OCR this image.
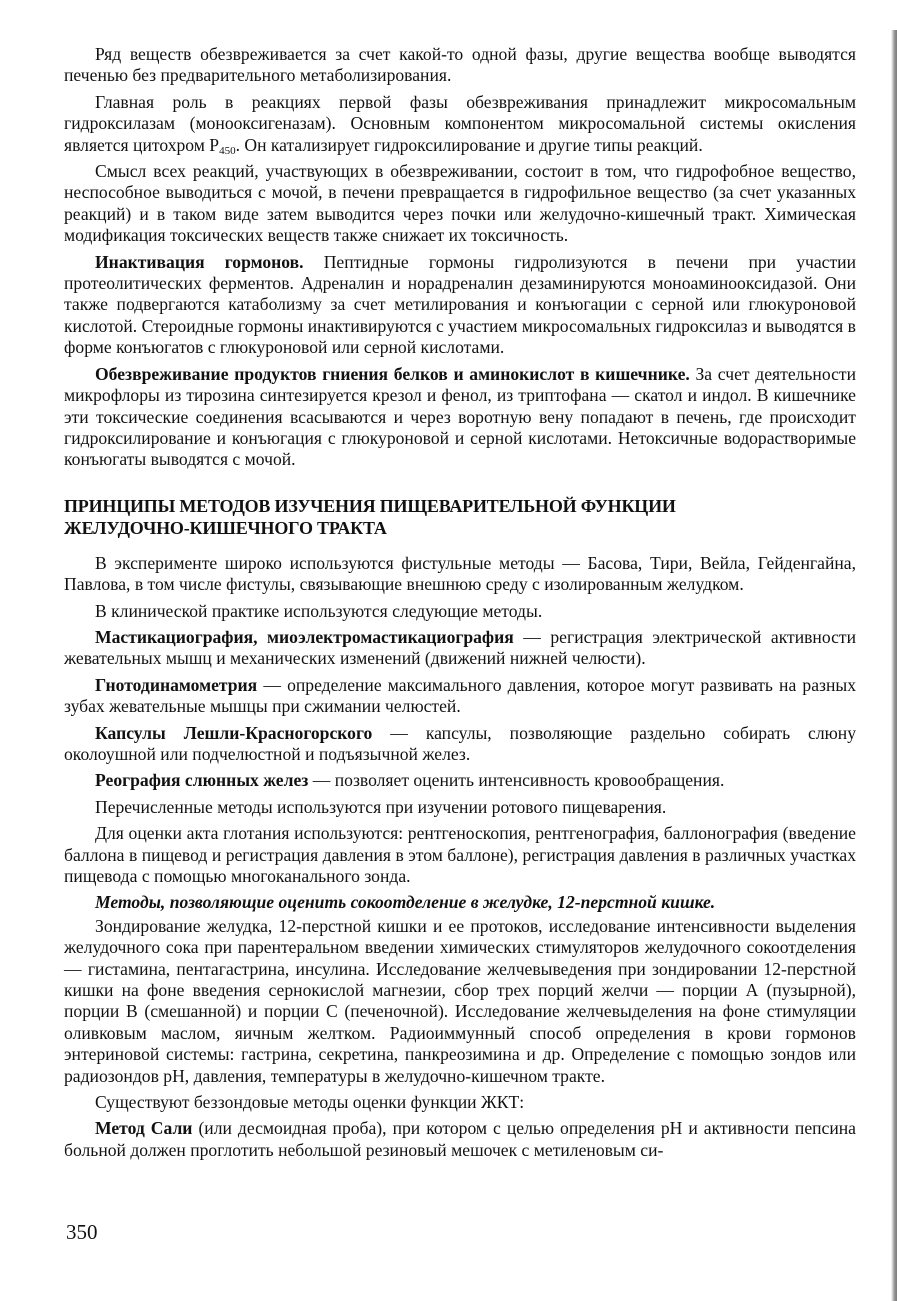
Ряд веществ обезвреживается за счет какой-то одной фазы, другие вещества вообще выводятся печенью без предварительного метаболизирования.

Главная роль в реакциях первой фазы обезвреживания принадлежит микросомальным гидроксилазам (монооксигеназам). Основным компонентом микросомальной системы окисления является цитохром $Р_{450}$. Он катализирует гидроксилирование и другие типы реакций.

Смысл всех реакций, участвующих в обезвреживании, состоит в том, что гидрофобное вещество, неспособное выводиться с мочой, в печени превращается в гидрофильное вещество (за счет указанных реакций) и в таком виде затем выводится через почки или желудочно-кишечный тракт. Химическая модификация токсических веществ также снижает их токсичность.

Инактивация гормонов. Пептидные гормоны гидролизуются в печени при участии протеолитических ферментов. Адреналин и норадреналин дезаминируются моноаминооксидазой. Они также подвергаются катаболизму за счет метилирования и конъюгации с серной или глюкуроновой кислотой. Стероидные гормоны инактивируются с участием микросомальных гидроксилаз и выводятся в форме конъюгатов с глюкуроновой или серной кислотами.

Обезвреживание продуктов гниения белков и аминокислот в кишечнике. За счет деятельности микрофлоры из тирозина синтезируется крезол и фенол, из триптофана — скатол и индол. В кишечнике эти токсические соединения всасываются и через воротную вену попадают в печень, где происходит гидроксилирование и конъюгация с глюкуроновой и серной кислотами. Нетоксичные водорастворимые конъюгаты выводятся с мочой.

ПРИНЦИПЫ МЕТОДОВ ИЗУЧЕНИЯ ПИЩЕВАРИТЕЛЬНОЙ ФУНКЦИИ
ЖЕЛУДОЧНО-КИШЕЧНОГО ТРАКТА

В эксперименте широко используются фистульные методы — Басова, Тири, Вейла, Гейденгайна, Павлова, в том числе фистулы, связывающие внешнюю среду с изолированным желудком.

В клинической практике используются следующие методы.

Мастикациография, миоэлектромастикациография — регистрация электрической активности жевательных мышц и механических изменений (движений нижней челюсти).

Гнотодинамометрия — определение максимального давления, которое могут развивать на разных зубах жевательные мышцы при сжимании челюстей.

Капсулы Лешли-Красногорского — капсулы, позволяющие раздельно собирать слюну околоушной или подчелюстной и подъязычной желез.

Реография слюнных желез — позволяет оценить интенсивность кровообращения.

Перечисленные методы используются при изучении ротового пищеварения.

Для оценки акта глотания используются: рентгеноскопия, рентгенография, баллонография (введение баллона в пищевод и регистрация давления в этом баллоне), регистрация давления в различных участках пищевода с помощью многоканального зонда.

Методы, позволяющие оценить сокоотделение в желудке, 12-перстной кишке.

Зондирование желудка, 12-перстной кишки и ее протоков, исследование интенсивности выделения желудочного сока при парентеральном введении химических стимуляторов желудочного сокоотделения — гистамина, пентагастрина, инсулина. Исследование желчевыведения при зондировании 12-перстной кишки на фоне введения сернокислой магнезии, сбор трех порций желчи — порции А (пузырной), порции В (смешанной) и порции С (печеночной). Исследование желчевыделения на фоне стимуляции оливковым маслом, яичным желтком. Радиоиммунный способ определения в крови гормонов энтериновой системы: гастрина, секретина, панкреозимина и др. Определение с помощью зондов или радиозондов рН, давления, температуры в желудочно-кишечном тракте.

Существуют беззондовые методы оценки функции ЖКТ:

Метод Сали (или десмоидная проба), при котором с целью определения рН и активности пепсина больной должен проглотить небольшой резиновый мешочек с метиленовым си-

350
